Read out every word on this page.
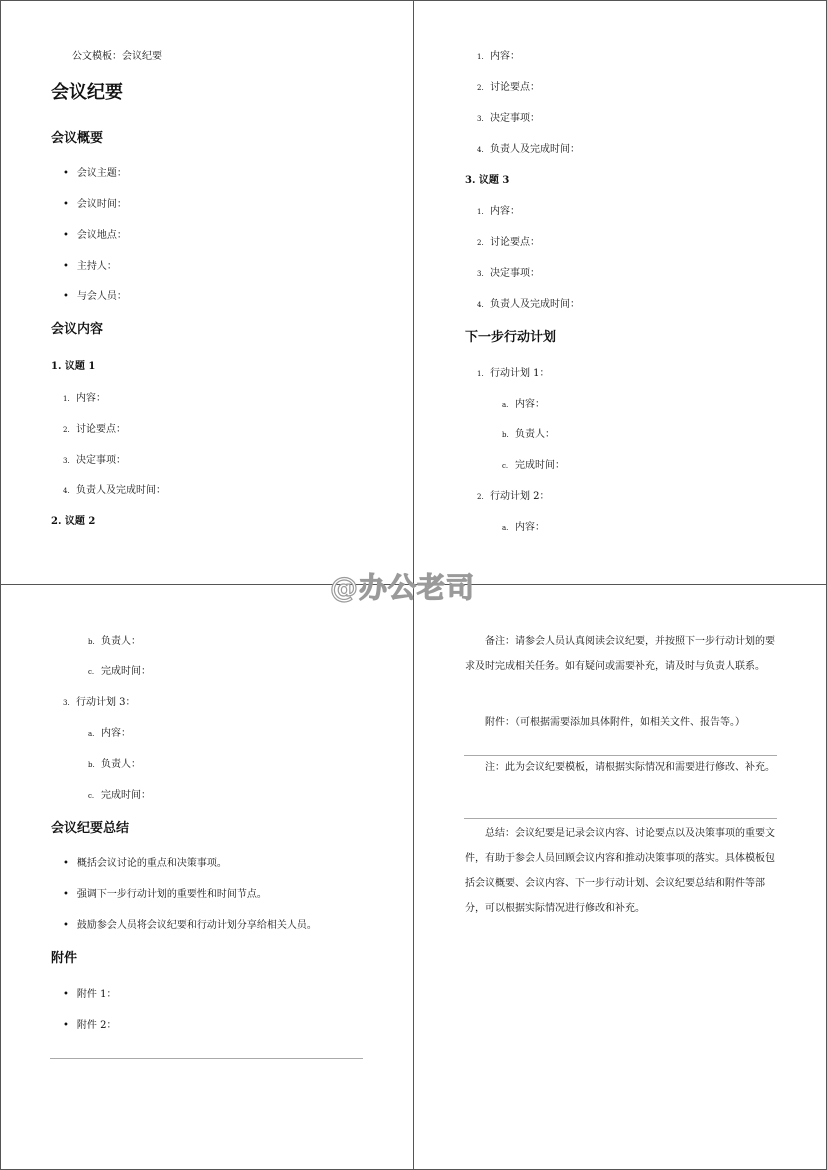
公文模板：会议纪要
会议纪要
会议概要
• 会议主题：
• 会议时间：
• 会议地点：
• 主持人：
• 与会人员：
会议内容
1. 议题 1
1. 内容：
2. 讨论要点：
3. 决定事项：
4. 负责人及完成时间：
2. 议题 2
1. 内容：
2. 讨论要点：
3. 决定事项：
4. 负责人及完成时间：
3. 议题 3
1. 内容：
2. 讨论要点：
3. 决定事项：
4. 负责人及完成时间：
下一步行动计划
1. 行动计划 1：
a. 内容：
b. 负责人：
c. 完成时间：
2. 行动计划 2：
a. 内容：
b. 负责人：
c. 完成时间：
3. 行动计划 3：
a. 内容：
b. 负责人：
c. 完成时间：
会议纪要总结
• 概括会议讨论的重点和决策事项。
• 强调下一步行动计划的重要性和时间节点。
• 鼓励参会人员将会议纪要和行动计划分享给相关人员。
附件
• 附件 1：
• 附件 2：
备注：请参会人员认真阅读会议纪要，并按照下一步行动计划的要求及时完成相关任务。如有疑问或需要补充，请及时与负责人联系。
附件：（可根据需要添加具体附件，如相关文件、报告等。）
注：此为会议纪要模板，请根据实际情况和需要进行修改、补充。
总结：会议纪要是记录会议内容、讨论要点以及决策事项的重要文件，有助于参会人员回顾会议内容和推动决策事项的落实。具体模板包括会议概要、会议内容、下一步行动计划、会议纪要总结和附件等部分，可以根据实际情况进行修改和补充。
@办公老司
